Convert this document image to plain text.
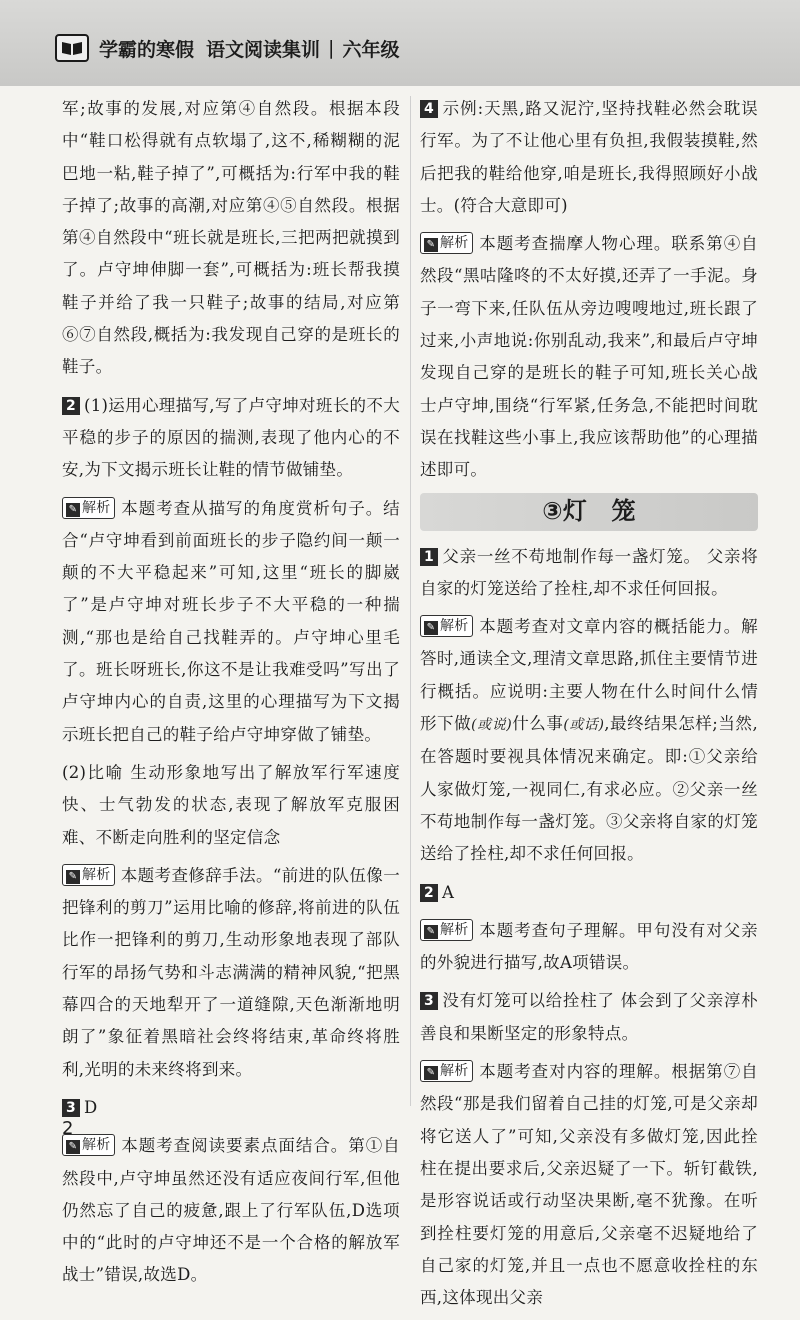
学霸的寒假 语文阅读集训 | 六年级

军;故事的发展,对应第④自然段。根据本段中“鞋口松得就有点软塌了,这不,稀糊糊的泥巴地一粘,鞋子掉了”,可概括为:行军中我的鞋子掉了;故事的高潮,对应第④⑤自然段。根据第④自然段中“班长就是班长,三把两把就摸到了。卢守坤伸脚一套”,可概括为:班长帮我摸鞋子并给了我一只鞋子;故事的结局,对应第⑥⑦自然段,概括为:我发现自己穿的是班长的鞋子。

2 (1)运用心理描写,写了卢守坤对班长的不大平稳的步子的原因的揣测,表现了他内心的不安,为下文揭示班长让鞋的情节做铺垫。

✎ 解析 本题考查从描写的角度赏析句子。结合“卢守坤看到前面班长的步子隐约间一颠一颠的不大平稳起来”可知,这里“班长的脚崴了”是卢守坤对班长步子不大平稳的一种揣测,“那也是给自己找鞋弄的。卢守坤心里毛了。班长呀班长,你这不是让我难受吗”写出了卢守坤内心的自责,这里的心理描写为下文揭示班长把自己的鞋子给卢守坤穿做了铺垫。

(2)比喻 生动形象地写出了解放军行军速度快、士气勃发的状态,表现了解放军克服困难、不断走向胜利的坚定信念

✎ 解析 本题考查修辞手法。“前进的队伍像一把锋利的剪刀”运用比喻的修辞,将前进的队伍比作一把锋利的剪刀,生动形象地表现了部队行军的昂扬气势和斗志满满的精神风貌,“把黑幕四合的天地犁开了一道缝隙,天色渐渐地明朗了”象征着黑暗社会终将结束,革命终将胜利,光明的未来终将到来。

3 D

✎ 解析 本题考查阅读要素点面结合。第①自然段中,卢守坤虽然还没有适应夜间行军,但他仍然忘了自己的疲惫,跟上了行军队伍,D选项中的“此时的卢守坤还不是一个合格的解放军战士”错误,故选D。

4 示例:天黑,路又泥泞,坚持找鞋必然会耽误行军。为了不让他心里有负担,我假装摸鞋,然后把我的鞋给他穿,咱是班长,我得照顾好小战士。(符合大意即可)

✎ 解析 本题考查揣摩人物心理。联系第④自然段“黑咕隆咚的不太好摸,还弄了一手泥。身子一弯下来,任队伍从旁边嗖嗖地过,班长跟了过来,小声地说:你别乱动,我来”,和最后卢守坤发现自己穿的是班长的鞋子可知,班长关心战士卢守坤,围绕“行军紧,任务急,不能把时间耽误在找鞋这些小事上,我应该帮助他”的心理描述即可。

③灯　笼

1 父亲一丝不苟地制作每一盏灯笼。 父亲将自家的灯笼送给了拴柱,却不求任何回报。

✎ 解析 本题考查对文章内容的概括能力。解答时,通读全文,理清文章思路,抓住主要情节进行概括。应说明:主要人物在什么时间什么情形下做(或说)什么事(或话),最终结果怎样;当然,在答题时要视具体情况来确定。即:①父亲给人家做灯笼,一视同仁,有求必应。②父亲一丝不苟地制作每一盏灯笼。③父亲将自家的灯笼送给了拴柱,却不求任何回报。

2 A

✎ 解析 本题考查句子理解。甲句没有对父亲的外貌进行描写,故A项错误。

3 没有灯笼可以给拴柱了 体会到了父亲淳朴善良和果断坚定的形象特点。

✎ 解析 本题考查对内容的理解。根据第⑦自然段“那是我们留着自己挂的灯笼,可是父亲却将它送人了”可知,父亲没有多做灯笼,因此拴柱在提出要求后,父亲迟疑了一下。斩钉截铁,是形容说话或行动坚决果断,毫不犹豫。在听到拴柱要灯笼的用意后,父亲毫不迟疑地给了自己家的灯笼,并且一点也不愿意收拴柱的东西,这体现出父亲

2
